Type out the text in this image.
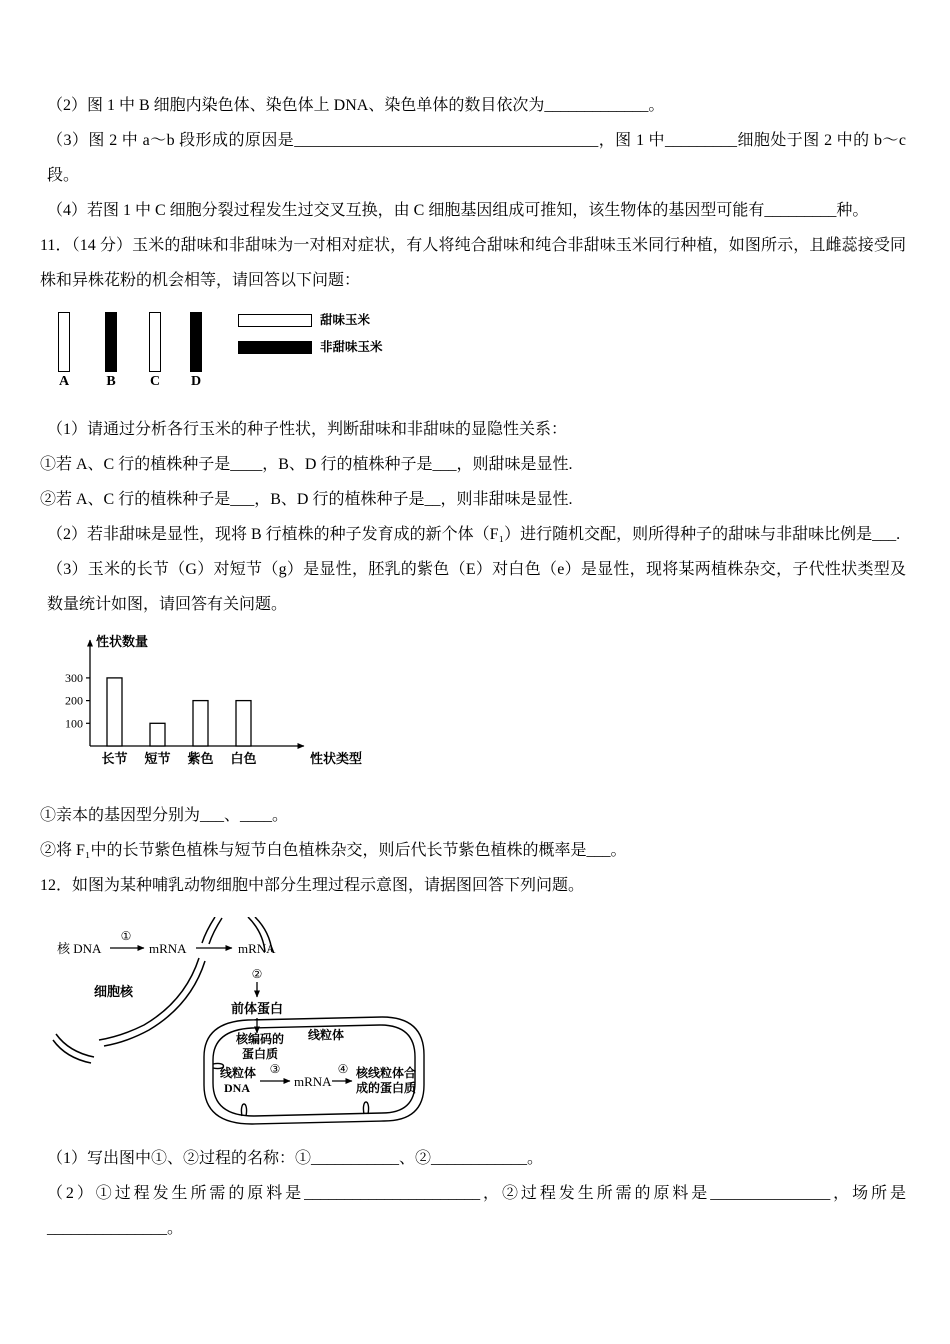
（2）图 1 中 B 细胞内染色体、染色体上 DNA、染色单体的数目依次为_____________。

（3）图 2 中 a～b 段形成的原因是______________________________________，图 1 中_________细胞处于图 2 中的 b～c 段。

（4）若图 1 中 C 细胞分裂过程发生过交叉互换，由 C 细胞基因组成可推知，该生物体的基因型可能有_________种。

11．（14 分）玉米的甜味和非甜味为一对相对症状，有人将纯合甜味和纯合非甜味玉米同行种植，如图所示，且雌蕊接受同株和异株花粉的机会相等，请回答以下问题：

A	B	C	D
甜味玉米
非甜味玉米

（1）请通过分析各行玉米的种子性状，判断甜味和非甜味的显隐性关系：

①若 A、C 行的植株种子是____，B、D 行的植株种子是___，则甜味是显性.

②若 A、C 行的植株种子是___，B、D 行的植株种子是__，则非甜味是显性.

（2）若非甜味是显性，现将 B 行植株的种子发育成的新个体（F₁）进行随机交配，则所得种子的甜味与非甜味比例是___.

（3）玉米的长节（G）对短节（g）是显性，胚乳的紫色（E）对白色（e）是显性，现将某两植株杂交，子代性状类型及数量统计如图，请回答有关问题。

性状数量
性状类型
100
200
300
长节 短节 紫色 白色

①亲本的基因型分别为___、____。

②将 F₁中的长节紫色植株与短节白色植株杂交，则后代长节紫色植株的概率是___。

12．如图为某种哺乳动物细胞中部分生理过程示意图，请据图回答下列问题。

核 DNA
①
mRNA	mRNA
②
前体蛋白
细胞核
核编码的
蛋白质
线粒体
线粒体
DNA
③
mRNA
④ 核线粒体合
成的蛋白质

（1）写出图中①、②过程的名称：①___________、②____________。

（2）①过程发生所需的原料是______________________，②过程发生所需的原料是_______________，场所是_______________。
